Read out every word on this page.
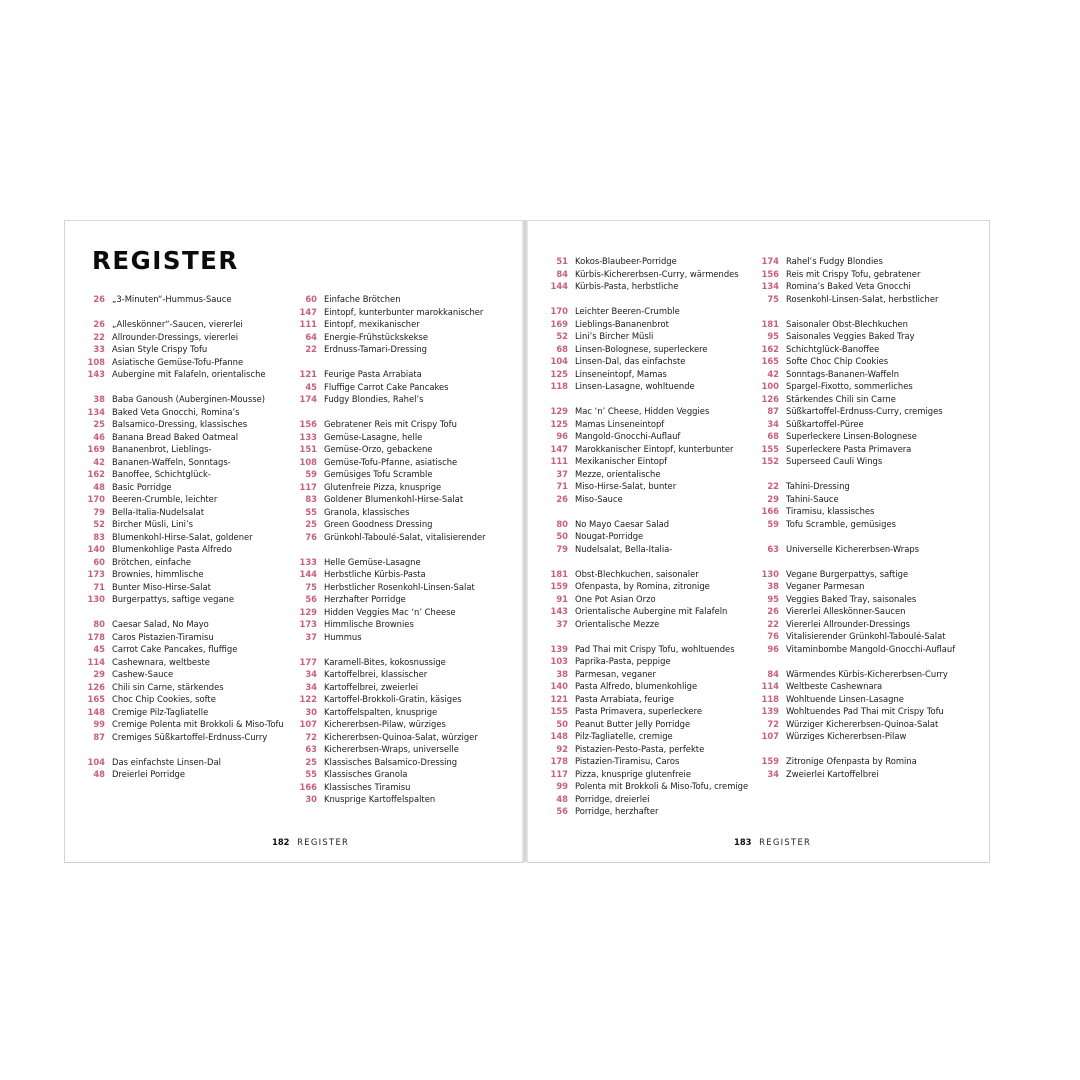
REGISTER
26 „3-Minuten“-Hummus-Sauce
26 „Alleskönner“-Saucen, viererlei
22 Allrounder-Dressings, viererlei
33 Asian Style Crispy Tofu
108 Asiatische Gemüse-Tofu-Pfanne
143 Aubergine mit Falafeln, orientalische
38 Baba Ganoush (Auberginen-Mousse)
134 Baked Veta Gnocchi, Romina’s
25 Balsamico-Dressing, klassisches
46 Banana Bread Baked Oatmeal
169 Bananenbrot, Lieblings-
42 Bananen-Waffeln, Sonntags-
162 Banoffee, Schichtglück-
48 Basic Porridge
170 Beeren-Crumble, leichter
79 Bella-Italia-Nudelsalat
52 Bircher Müsli, Lini’s
83 Blumenkohl-Hirse-Salat, goldener
140 Blumenkohlige Pasta Alfredo
60 Brötchen, einfache
173 Brownies, himmlische
71 Bunter Miso-Hirse-Salat
130 Burgerpattys, saftige vegane
80 Caesar Salad, No Mayo
178 Caros Pistazien-Tiramisu
45 Carrot Cake Pancakes, fluffige
114 Cashewnara, weltbeste
29 Cashew-Sauce
126 Chili sin Carne, stärkendes
165 Choc Chip Cookies, softe
148 Cremige Pilz-Tagliatelle
99 Cremige Polenta mit Brokkoli & Miso-Tofu
87 Cremiges Süßkartoffel-Erdnuss-Curry
104 Das einfachste Linsen-Dal
48 Dreierlei Porridge
60 Einfache Brötchen
147 Eintopf, kunterbunter marokkanischer
111 Eintopf, mexikanischer
64 Energie-Frühstückskekse
22 Erdnuss-Tamari-Dressing
121 Feurige Pasta Arrabiata
45 Fluffige Carrot Cake Pancakes
174 Fudgy Blondies, Rahel’s
156 Gebratener Reis mit Crispy Tofu
133 Gemüse-Lasagne, helle
151 Gemüse-Orzo, gebackene
108 Gemüse-Tofu-Pfanne, asiatische
59 Gemüsiges Tofu Scramble
117 Glutenfreie Pizza, knusprige
83 Goldener Blumenkohl-Hirse-Salat
55 Granola, klassisches
25 Green Goodness Dressing
76 Grünkohl-Taboulé-Salat, vitalisierender
133 Helle Gemüse-Lasagne
144 Herbstliche Kürbis-Pasta
75 Herbstlicher Rosenkohl-Linsen-Salat
56 Herzhafter Porridge
129 Hidden Veggies Mac ‘n’ Cheese
173 Himmlische Brownies
37 Hummus
177 Karamell-Bites, kokosnussige
34 Kartoffelbrei, klassischer
34 Kartoffelbrei, zweierlei
122 Kartoffel-Brokkoli-Gratin, käsiges
30 Kartoffelspalten, knusprige
107 Kichererbsen-Pilaw, würziges
72 Kichererbsen-Quinoa-Salat, würziger
63 Kichererbsen-Wraps, universelle
25 Klassisches Balsamico-Dressing
55 Klassisches Granola
166 Klassisches Tiramisu
30 Knusprige Kartoffelspalten
51 Kokos-Blaubeer-Porridge
84 Kürbis-Kichererbsen-Curry, wärmendes
144 Kürbis-Pasta, herbstliche
170 Leichter Beeren-Crumble
169 Lieblings-Bananenbrot
52 Lini’s Bircher Müsli
68 Linsen-Bolognese, superleckere
104 Linsen-Dal, das einfachste
125 Linseneintopf, Mamas
118 Linsen-Lasagne, wohltuende
129 Mac ‘n’ Cheese, Hidden Veggies
125 Mamas Linseneintopf
96 Mangold-Gnocchi-Auflauf
147 Marokkanischer Eintopf, kunterbunter
111 Mexikanischer Eintopf
37 Mezze, orientalische
71 Miso-Hirse-Salat, bunter
26 Miso-Sauce
80 No Mayo Caesar Salad
50 Nougat-Porridge
79 Nudelsalat, Bella-Italia-
181 Obst-Blechkuchen, saisonaler
159 Ofenpasta, by Romina, zitronige
91 One Pot Asian Orzo
143 Orientalische Aubergine mit Falafeln
37 Orientalische Mezze
139 Pad Thai mit Crispy Tofu, wohltuendes
103 Paprika-Pasta, peppige
38 Parmesan, veganer
140 Pasta Alfredo, blumenkohlige
121 Pasta Arrabiata, feurige
155 Pasta Primavera, superleckere
50 Peanut Butter Jelly Porridge
148 Pilz-Tagliatelle, cremige
92 Pistazien-Pesto-Pasta, perfekte
178 Pistazien-Tiramisu, Caros
117 Pizza, knusprige glutenfreie
99 Polenta mit Brokkoli & Miso-Tofu, cremige
48 Porridge, dreierlei
56 Porridge, herzhafter
174 Rahel’s Fudgy Blondies
156 Reis mit Crispy Tofu, gebratener
134 Romina’s Baked Veta Gnocchi
75 Rosenkohl-Linsen-Salat, herbstlicher
181 Saisonaler Obst-Blechkuchen
95 Saisonales Veggies Baked Tray
162 Schichtglück-Banoffee
165 Softe Choc Chip Cookies
42 Sonntags-Bananen-Waffeln
100 Spargel-Fixotto, sommerliches
126 Stärkendes Chili sin Carne
87 Süßkartoffel-Erdnuss-Curry, cremiges
34 Süßkartoffel-Püree
68 Superleckere Linsen-Bolognese
155 Superleckere Pasta Primavera
152 Superseed Cauli Wings
22 Tahini-Dressing
29 Tahini-Sauce
166 Tiramisu, klassisches
59 Tofu Scramble, gemüsiges
63 Universelle Kichererbsen-Wraps
130 Vegane Burgerpattys, saftige
38 Veganer Parmesan
95 Veggies Baked Tray, saisonales
26 Viererlei Alleskönner-Saucen
22 Viererlei Allrounder-Dressings
76 Vitalisierender Grünkohl-Taboulé-Salat
96 Vitaminbombe Mangold-Gnocchi-Auflauf
84 Wärmendes Kürbis-Kichererbsen-Curry
114 Weltbeste Cashewnara
118 Wohltuende Linsen-Lasagne
139 Wohltuendes Pad Thai mit Crispy Tofu
72 Würziger Kichererbsen-Quinoa-Salat
107 Würziges Kichererbsen-Pilaw
159 Zitronige Ofenpasta by Romina
34 Zweierlei Kartoffelbrei
182 REGISTER	183 REGISTER
